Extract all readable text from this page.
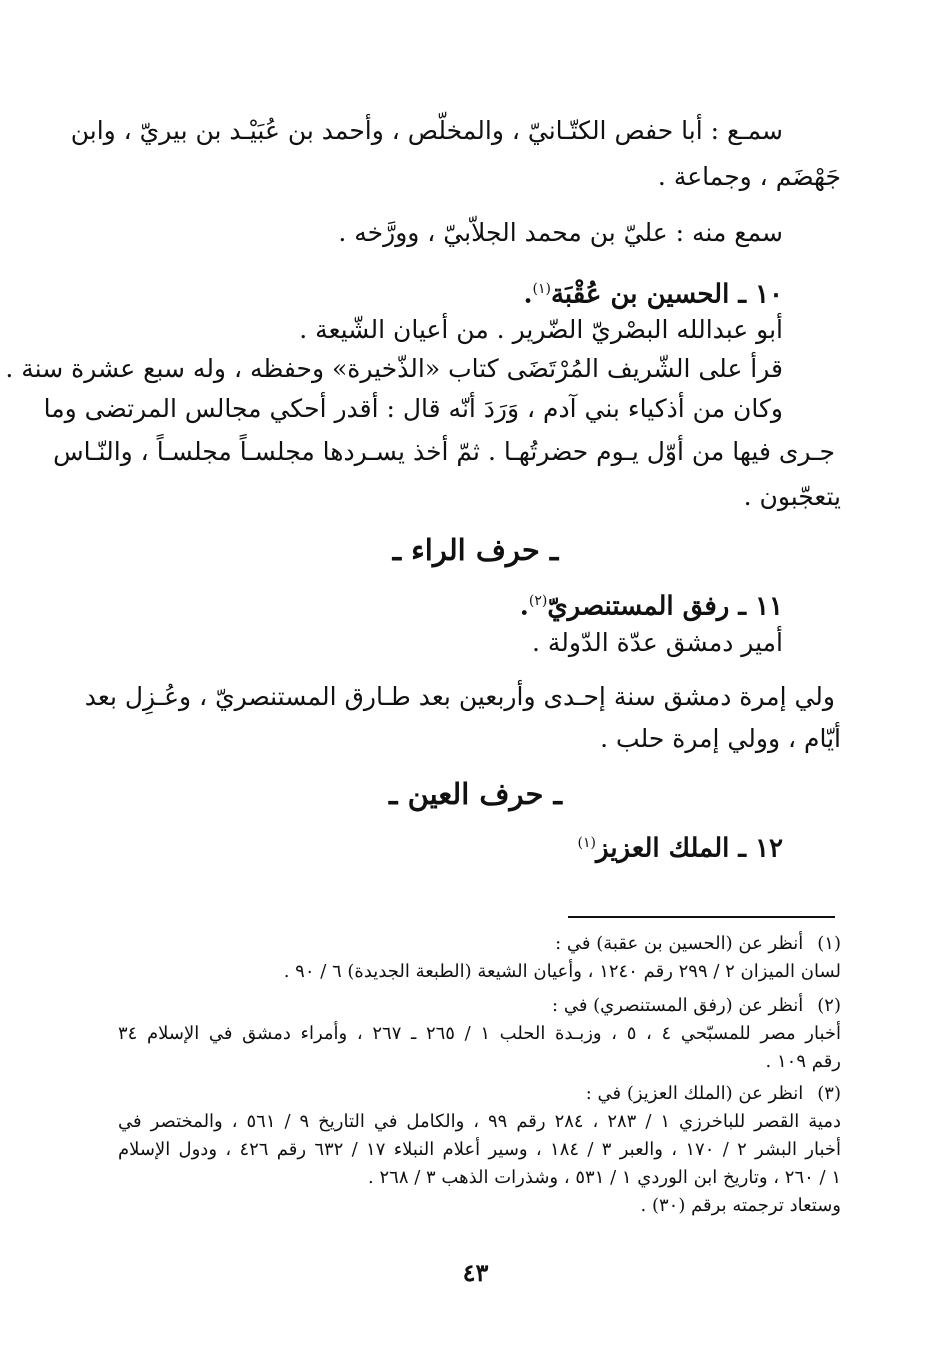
سمـع : أبا حفص الكتّـانيّ ، والمخلّص ، وأحمد بن عُبَيْـد بن بيريّ ، وابن
جَهْضَم ، وجماعة .
سمع منه : عليّ بن محمد الجلاّبيّ ، وورَّخه .
١٠ ـ الحسين بن عُقْبَة$^{(١)}$.
أبو عبدالله البصْريّ الضّرير . من أعيان الشّيعة .
قرأ على الشّريف المُرْتَضَى كتاب «الذّخيرة» وحفظه ، وله سبع عشرة سنة .
وكان من أذكياء بني آدم ، وَرَدَ أنّه قال : أقدر أحكي مجالس المرتضى وما
جـرى فيها من أوّل يـوم حضرتُهـا . ثمّ أخذ يسـردها مجلسـاً مجلسـاً ، والنّـاس
يتعجّبون .
ـ حرف الراء ـ
١١ ـ رفق المستنصريّ$^{(٢)}$.
أمير دمشق عدّة الدّولة .
ولي إمرة دمشق سنة إحـدى وأربعين بعد طـارق المستنصريّ ، وعُـزِل بعد
أيّام ، وولي إمرة حلب .
ـ حرف العين ـ
١٢ ـ الملك العزيز$^{(١)}$
(١)أنظر عن (الحسين بن عقبة) في :
لسان الميزان ٢ / ٢٩٩ رقم ١٢٤٠ ، وأعيان الشيعة (الطبعة الجديدة) ٦ / ٩٠ .
(٢)أنظر عن (رفق المستنصري) في :
أخبار مصر للمسبّحي ٤ ، ٥ ، وزبـدة الحلب ١ / ٢٦٥ ـ ٢٦٧ ، وأمراء دمشق في الإسلام ٣٤
رقم ١٠٩ .
(٣)انظر عن (الملك العزيز) في :
دمية القصر للباخرزي ١ / ٢٨٣ ، ٢٨٤ رقم ٩٩ ، والكامل في التاريخ ٩ / ٥٦١ ، والمختصر في
أخبار البشر ٢ / ١٧٠ ، والعبر ٣ / ١٨٤ ، وسير أعلام النبلاء ١٧ / ٦٣٢ رقم ٤٢٦ ، ودول الإسلام
١ / ٢٦٠ ، وتاريخ ابن الوردي ١ / ٥٣١ ، وشذرات الذهب ٣ / ٢٦٨ .
وستعاد ترجمته برقم (٣٠) .
٤٣
